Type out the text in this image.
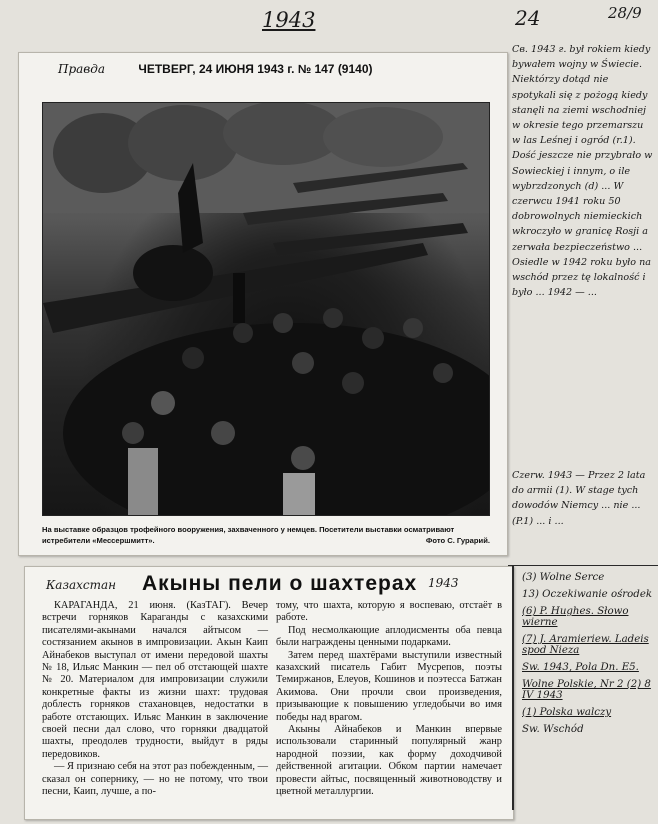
1943	24	28/9
Правда	ЧЕТВЕРГ, 24 ИЮНЯ 1943 г. № 147 (9140)
На выставке образцов трофейного вооружения, захваченного у немцев. Посетители выставки осматривают истребители «Мессершмитт».	Фото С. Гурарий.
Казахстан Акыны пели о шахтерах 1943

КАРАГАНДА, 21 июня. (КазТАГ). Вечер встречи горняков Караганды с казахскими писателями-акынами начался айтысом — состязанием акынов в импровизации. Акын Каип Айнабеков выступал от имени передовой шахты № 18, Ильяс Манкин — пел об отстающей шахте № 20. Материалом для импровизации служили конкретные факты из жизни шахт: трудовая доблесть горняков стахановцев, недостатки в работе отстающих. Ильяс Манкин в заключение своей песни дал слово, что горняки двадцатой шахты, преодолев трудности, выйдут в ряды передовиков.

— Я признаю себя на этот раз побежденным, — сказал он сопернику, — но не потому, что твои песни, Каип, лучше, а по-

тому, что шахта, которую я воспеваю, отстаёт в работе.

Под несмолкающие аплодисменты оба певца были награждены ценными подарками.

Затем перед шахтёрами выступили известный казахский писатель Габит Мусрепов, поэты Темиржанов, Елеуов, Кошинов и поэтесса Батжан Акимова. Они прочли свои произведения, призывающие к повышению угледобычи во имя победы над врагом.

Акыны Айнабеков и Манкин впервые использовали старинный популярный жанр народной поэзии, как форму доходчивой действенной агитации. Обком партии намечает провести айтыс, посвященный животноводству и цветной металлургии.

Св. 1943 г. był rokiem kiedy bywałem wojny w Świecie. Niektórzy dotąd nie spotykali się z pożogą kiedy stanęli na ziemi wschodniej w okresie tego przemarszu w las Leśnej i ogród (r.1). Dość jeszcze nie przybrało w Sowieckiej i innym, o ile wybrzdzonych (d) ... W czerwcu 1941 roku 50 dobrowolnych niemieckich wkroczyło w granicę Rosji a zerwała bezpieczeństwo ... Osiedle w 1942 roku było na wschód przez tę lokalność i było ... 1942 — ...
Czerw. 1943 — Przez 2 lata do armii (1). W stage tych dowodów Niemcy ... nie ... (P.1) ... i ...
(3) Wolne Serce
13) Oczekiwanie ośrodek
(6) P. Hughes. Słowo wierne
(7) J. Aramieriew. Ladeis spod Nieza
Sw. 1943, Pola Dn. E5.
Wolne Polskie, Nr 2 (2) 8 IV 1943
(1) Polska walczy
Sw. Wschód
